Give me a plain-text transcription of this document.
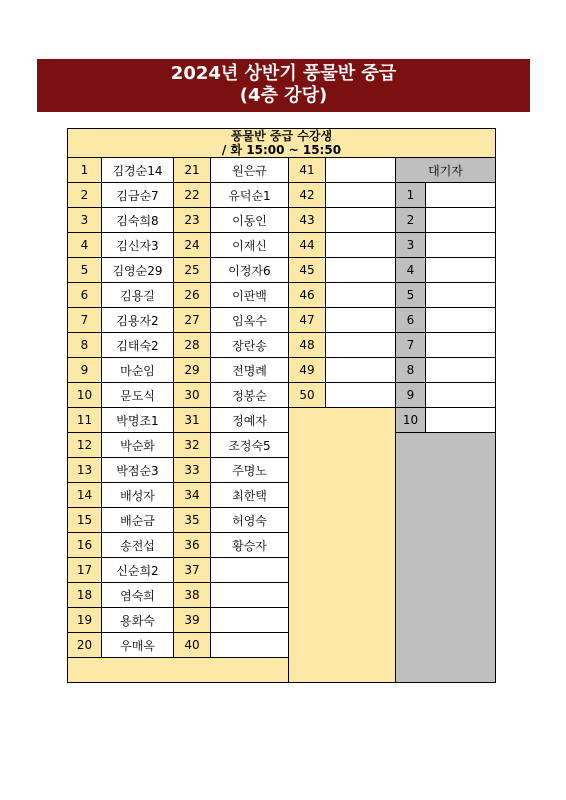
2024년 상반기 풍물반 중급
(4층 강당)
풍물반 중급 수강생
/ 화 15:00 ~ 15:50							

1	김경순14	21	원은규	41		대기자	
2	김금순7	22	유덕순1	42		1	
3	김숙희8	23	이동인	43		2	
4	김신자3	24	이재신	44		3	
5	김영순29	25	이정자6	45		4	
6	김용길	26	이판백	46		5	
7	김용자2	27	임옥수	47		6	
8	김태숙2	28	장란송	48		7	
9	마순임	29	전명례	49		8	
10	문도식	30	정봉순	50		9	
11	박명조1	31	정예자			10	
12	박순화	32	조정숙5				
13	박점순3	33	주명노				
14	배성자	34	최한택				
15	배순금	35	허영숙				
16	송전섭	36	황승자				
17	신순희2	37					
18	염숙희	38					
19	용화숙	39					
20	우매옥	40					
